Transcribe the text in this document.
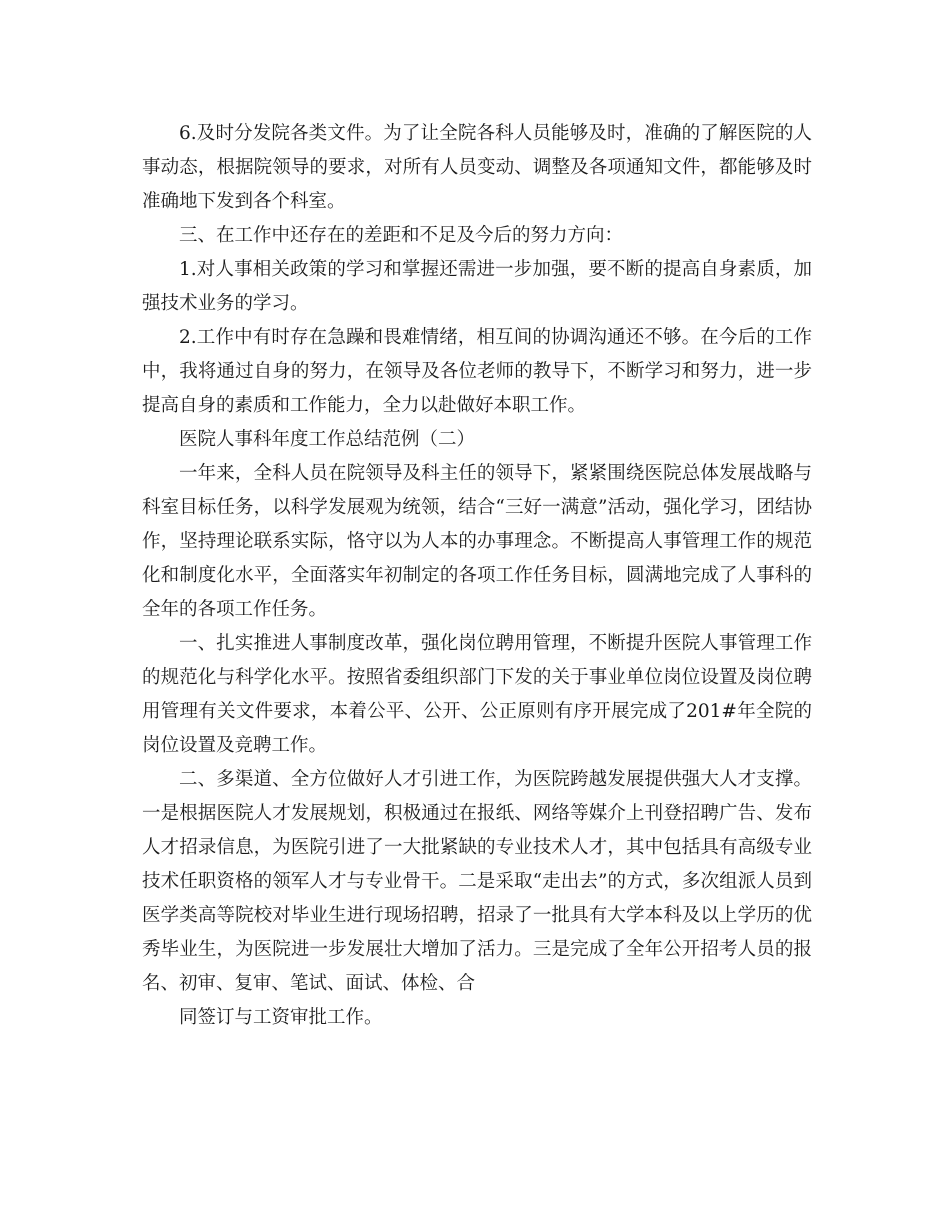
6.及时分发院各类文件。为了让全院各科人员能够及时，准确的了解医院的人事动态，根据院领导的要求，对所有人员变动、调整及各项通知文件，都能够及时准确地下发到各个科室。

三、在工作中还存在的差距和不足及今后的努力方向：

1.对人事相关政策的学习和掌握还需进一步加强，要不断的提高自身素质，加强技术业务的学习。

2.工作中有时存在急躁和畏难情绪，相互间的协调沟通还不够。在今后的工作中，我将通过自身的努力，在领导及各位老师的教导下，不断学习和努力，进一步提高自身的素质和工作能力，全力以赴做好本职工作。

医院人事科年度工作总结范例（二）

一年来，全科人员在院领导及科主任的领导下，紧紧围绕医院总体发展战略与科室目标任务，以科学发展观为统领，结合“三好一满意”活动，强化学习，团结协作，坚持理论联系实际，恪守以为人本的办事理念。不断提高人事管理工作的规范化和制度化水平，全面落实年初制定的各项工作任务目标，圆满地完成了人事科的全年的各项工作任务。

一、扎实推进人事制度改革，强化岗位聘用管理，不断提升医院人事管理工作的规范化与科学化水平。按照省委组织部门下发的关于事业单位岗位设置及岗位聘用管理有关文件要求，本着公平、公开、公正原则有序开展完成了201#年全院的岗位设置及竞聘工作。

二、多渠道、全方位做好人才引进工作，为医院跨越发展提供强大人才支撑。一是根据医院人才发展规划，积极通过在报纸、网络等媒介上刊登招聘广告、发布人才招录信息，为医院引进了一大批紧缺的专业技术人才，其中包括具有高级专业技术任职资格的领军人才与专业骨干。二是采取“走出去”的方式，多次组派人员到医学类高等院校对毕业生进行现场招聘，招录了一批具有大学本科及以上学历的优秀毕业生，为医院进一步发展壮大增加了活力。三是完成了全年公开招考人员的报名、初审、复审、笔试、面试、体检、合

同签订与工资审批工作。
